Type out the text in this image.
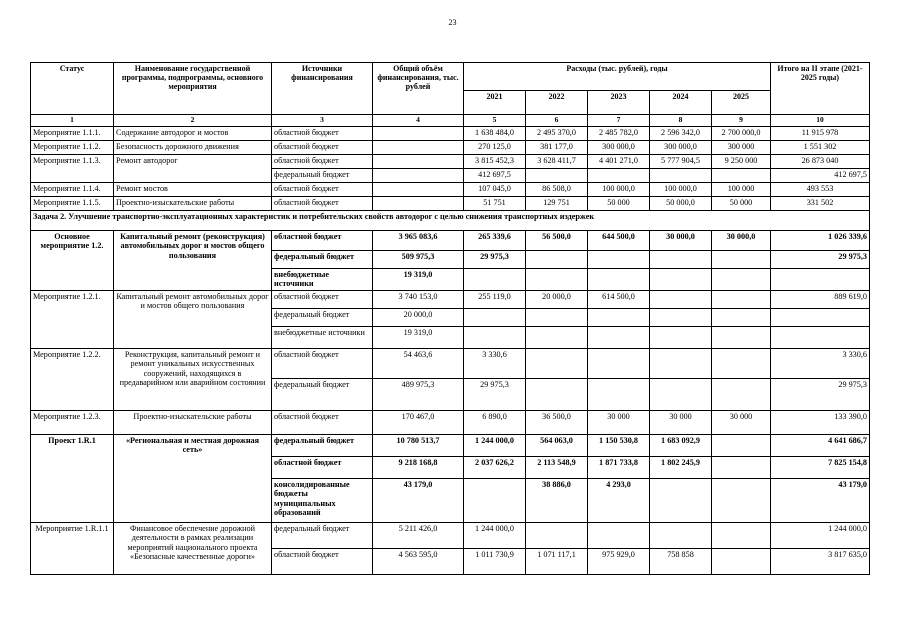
23
Статус	Наименование государственной программы, подпрограммы, основного мероприятия	Источники финансирования	Общий объём финансирования, тыс. рублей	Расходы (тыс. рублей), годы					Итого на II этапе (2021-2025 годы)
				2021	2022	2023	2024	2025	
1	2	3	4	5	6	7	8	9	10
Мероприятие 1.1.1.	Содержание автодорог и мостов	областной бюджет		1 638 484,0	2 495 370,0	2 485 782,0	2 596 342,0	2 700 000,0	11 915 978
Мероприятие 1.1.2.	Безопасность дорожного движения	областной бюджет		270 125,0	381 177,0	300 000,0	300 000,0	300 000	1 551 302
Мероприятие 1.1.3.	Ремонт автодорог	областной бюджет		3 815 452,3	3 628 411,7	4 401 271,0	5 777 904,5	9 250 000	26 873 040
		федеральный бюджет		412 697,5					412 697,5
Мероприятие 1.1.4.	Ремонт мостов	областной бюджет		107 045,0	86 508,0	100 000,0	100 000,0	100 000	493 553
Мероприятие 1.1.5.	Проектно-изыскательские работы	областной бюджет		51 751	129 751	50 000	50 000,0	50 000	331 502
Задача 2. Улучшение транспортно-эксплуатационных характеристик и потребительских свойств автодорог с целью снижения транспортных издержек									
Основное мероприятие 1.2.	Капитальный ремонт (реконструкция) автомобильных дорог и мостов общего пользования	областной бюджет	3 965 083,6	265 339,6	56 500,0	644 500,0	30 000,0	30 000,0	1 026 339,6
		федеральный бюджет	509 975,3	29 975,3					29 975,3
		внебюджетные источники	19 319,0						
Мероприятие 1.2.1.	Капитальный ремонт автомобильных дорог и мостов общего пользования	областной бюджет	3 740 153,0	255 119,0	20 000,0	614 500,0			889 619,0
		федеральный бюджет	20 000,0						
		внебюджетные источники	19 319,0						
Мероприятие 1.2.2.	Реконструкция, капитальный ремонт и ремонт уникальных искусственных сооружений, находящихся в предаварийном или аварийном состоянии	областной бюджет	54 463,6	3 330,6					3 330,6
		федеральный бюджет	489 975,3	29 975,3					29 975,3
Мероприятие 1.2.3.	Проектно-изыскательские работы	областной бюджет	170 467,0	6 890,0	36 500,0	30 000	30 000	30 000	133 390,0
Проект 1.R.1	«Региональная и местная дорожная сеть»	федеральный бюджет	10 780 513,7	1 244 000,0	564 063,0	1 150 530,8	1 683 092,9		4 641 686,7
		областной бюджет	9 218 168,8	2 037 626,2	2 113 548,9	1 871 733,8	1 802 245,9		7 825 154,8
		консолидированные бюджеты муниципальных образований	43 179,0		38 886,0	4 293,0			43 179,0
Мероприятие 1.R.1.1	Финансовое обеспечение дорожной деятельности в рамках реализации мероприятий национального проекта «Безопасные качественные дороги»	федеральный бюджет	5 211 426,0	1 244 000,0					1 244 000,0
		областной бюджет	4 563 595,0	1 011 730,9	1 071 117,1	975 929,0	758 858		3 817 635,0
